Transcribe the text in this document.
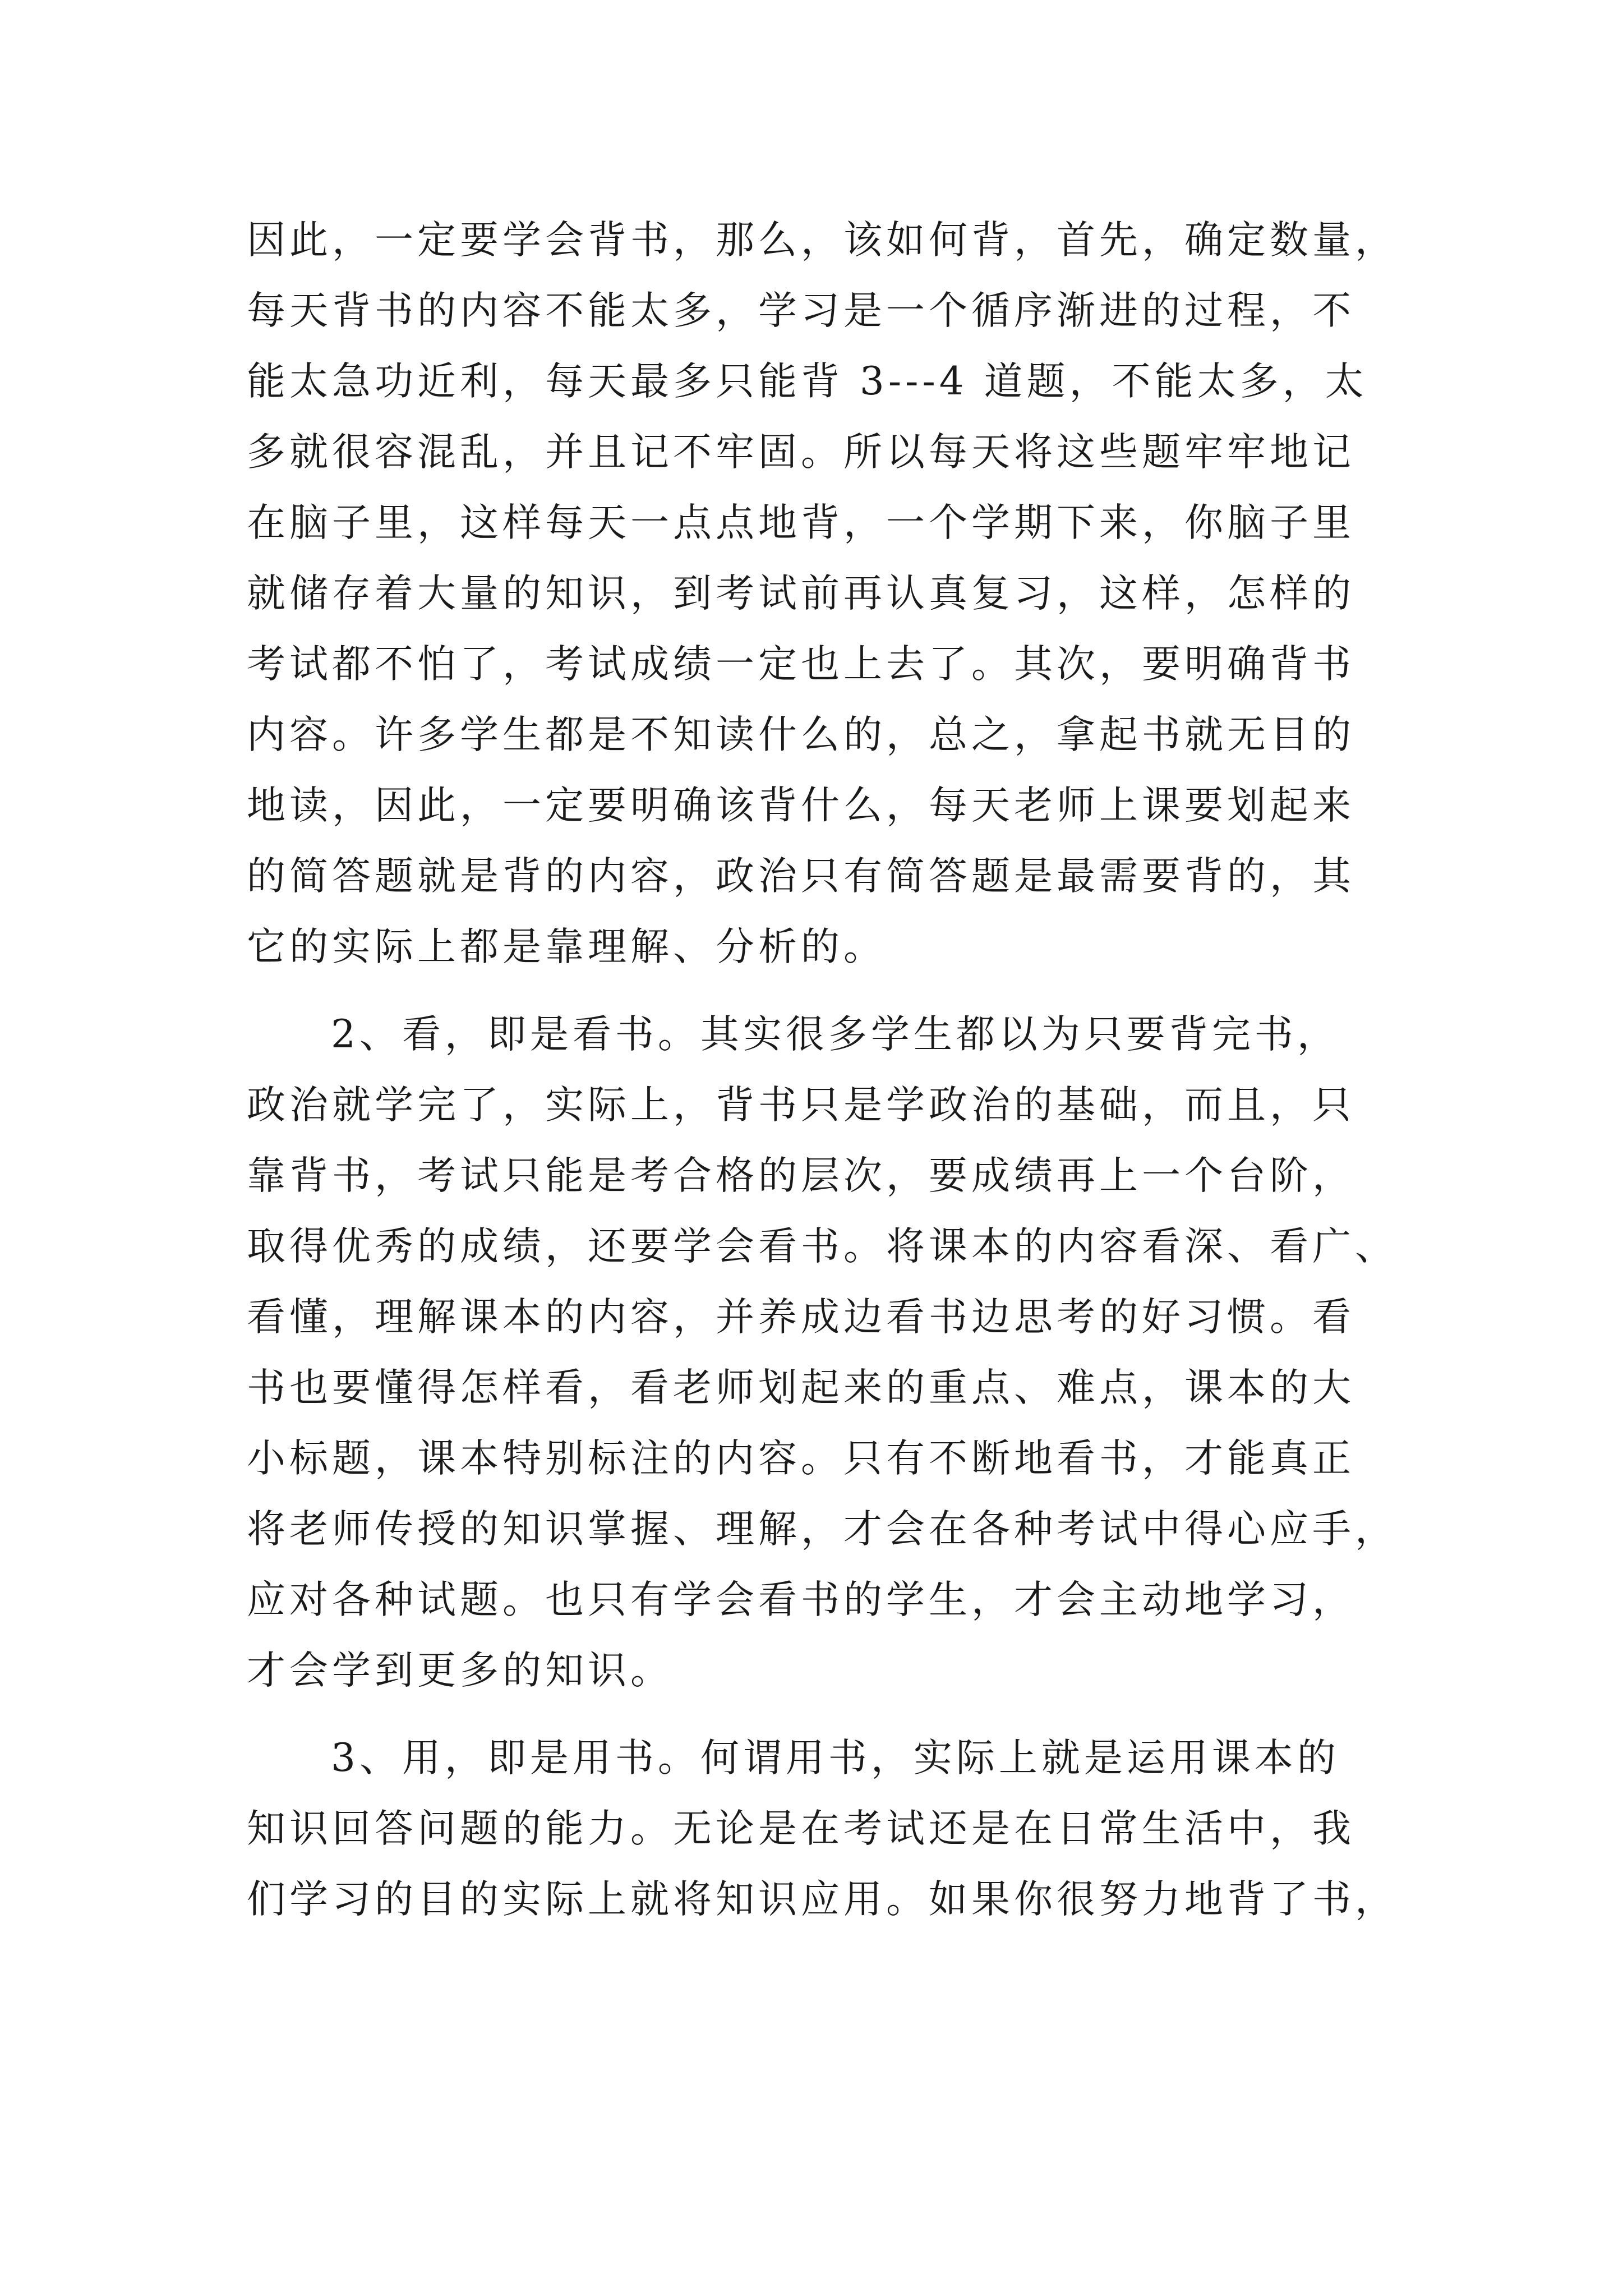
因此，一定要学会背书，那么，该如何背，首先，确定数量，
每天背书的内容不能太多，学习是一个循序渐进的过程，不
能太急功近利，每天最多只能背 3---4 道题，不能太多，太
多就很容混乱，并且记不牢固。所以每天将这些题牢牢地记
在脑子里，这样每天一点点地背，一个学期下来，你脑子里
就储存着大量的知识，到考试前再认真复习，这样，怎样的
考试都不怕了，考试成绩一定也上去了。其次，要明确背书
内容。许多学生都是不知读什么的，总之，拿起书就无目的
地读，因此，一定要明确该背什么，每天老师上课要划起来
的简答题就是背的内容，政治只有简答题是最需要背的，其
它的实际上都是靠理解、分析的。
2、看，即是看书。其实很多学生都以为只要背完书，
政治就学完了，实际上，背书只是学政治的基础，而且，只
靠背书，考试只能是考合格的层次，要成绩再上一个台阶，
取得优秀的成绩，还要学会看书。将课本的内容看深、看广、
看懂，理解课本的内容，并养成边看书边思考的好习惯。看
书也要懂得怎样看，看老师划起来的重点、难点，课本的大
小标题，课本特别标注的内容。只有不断地看书，才能真正
将老师传授的知识掌握、理解，才会在各种考试中得心应手，
应对各种试题。也只有学会看书的学生，才会主动地学习，
才会学到更多的知识。
3、用，即是用书。何谓用书，实际上就是运用课本的
知识回答问题的能力。无论是在考试还是在日常生活中，我
们学习的目的实际上就将知识应用。如果你很努力地背了书，
